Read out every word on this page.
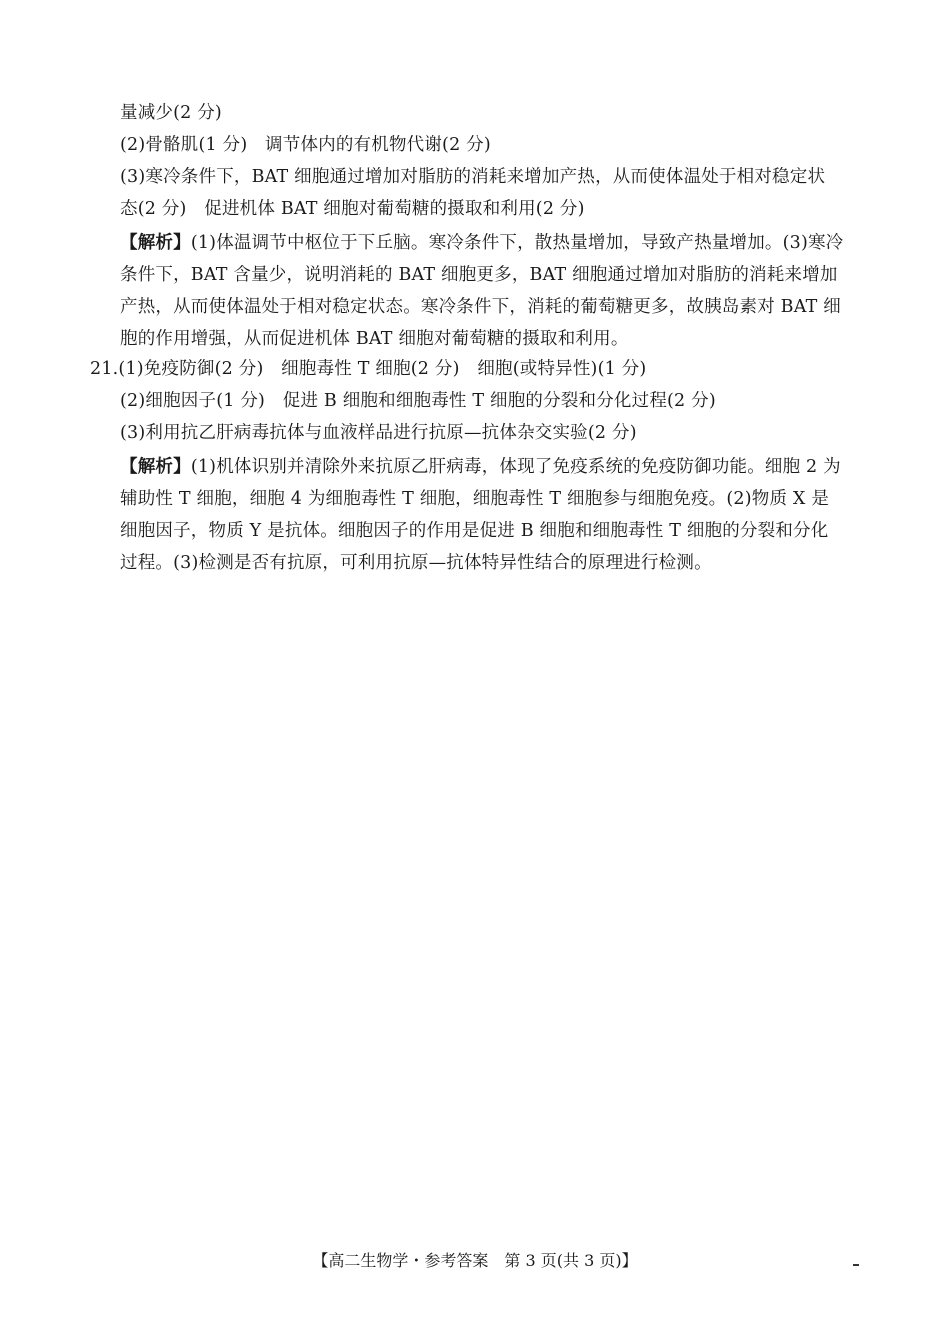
量减少(2 分)
(2)骨骼肌(1 分)　调节体内的有机物代谢(2 分)
(3)寒冷条件下，BAT 细胞通过增加对脂肪的消耗来增加产热，从而使体温处于相对稳定状
态(2 分)　促进机体 BAT 细胞对葡萄糖的摄取和利用(2 分)
【解析】(1)体温调节中枢位于下丘脑。寒冷条件下，散热量增加，导致产热量增加。(3)寒冷
条件下，BAT 含量少，说明消耗的 BAT 细胞更多，BAT 细胞通过增加对脂肪的消耗来增加
产热，从而使体温处于相对稳定状态。寒冷条件下，消耗的葡萄糖更多，故胰岛素对 BAT 细
胞的作用增强，从而促进机体 BAT 细胞对葡萄糖的摄取和利用。
21.(1)免疫防御(2 分)　细胞毒性 T 细胞(2 分)　细胞(或特异性)(1 分)
(2)细胞因子(1 分)　促进 B 细胞和细胞毒性 T 细胞的分裂和分化过程(2 分)
(3)利用抗乙肝病毒抗体与血液样品进行抗原—抗体杂交实验(2 分)
【解析】(1)机体识别并清除外来抗原乙肝病毒，体现了免疫系统的免疫防御功能。细胞 2 为
辅助性 T 细胞，细胞 4 为细胞毒性 T 细胞，细胞毒性 T 细胞参与细胞免疫。(2)物质 X 是
细胞因子，物质 Y 是抗体。细胞因子的作用是促进 B 细胞和细胞毒性 T 细胞的分裂和分化
过程。(3)检测是否有抗原，可利用抗原—抗体特异性结合的原理进行检测。
【高二生物学・参考答案　第 3 页(共 3 页)】
